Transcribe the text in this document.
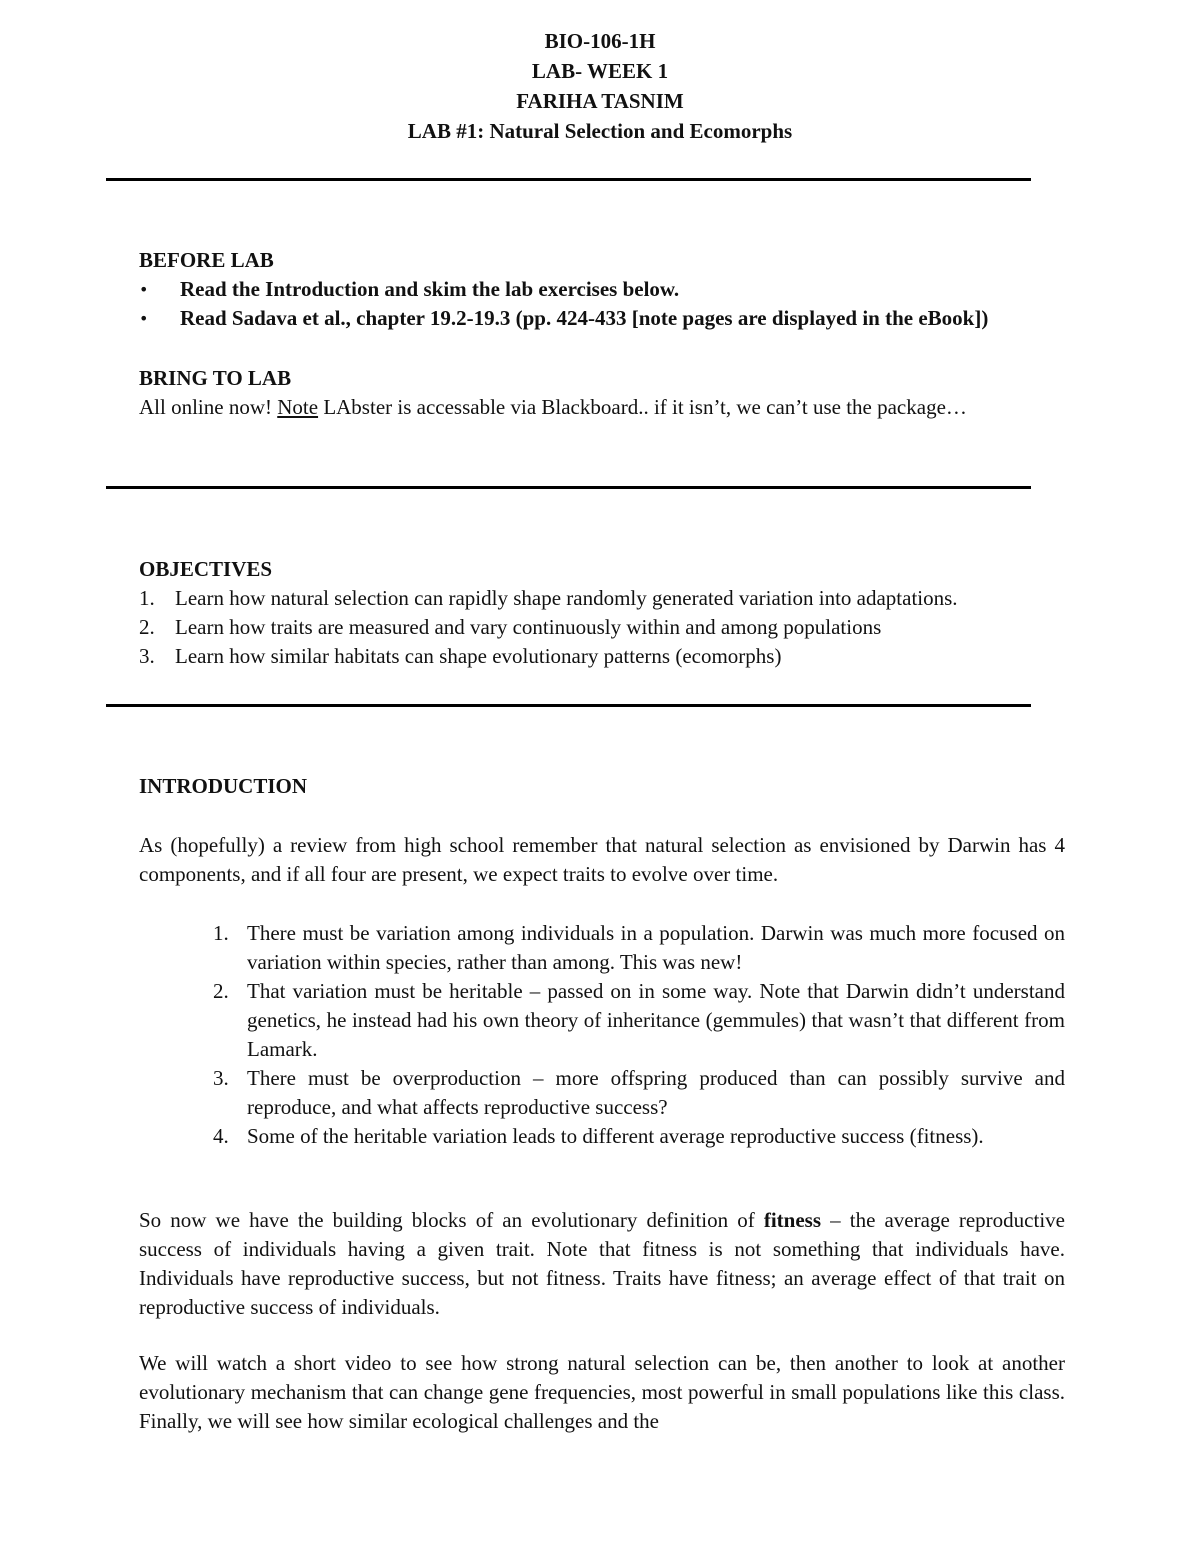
BIO-106-1H
LAB- WEEK 1
FARIHA TASNIM
LAB #1: Natural Selection and Ecomorphs
BEFORE LAB
• Read the Introduction and skim the lab exercises below.
• Read Sadava et al., chapter 19.2-19.3 (pp. 424-433 [note pages are displayed in the eBook])
BRING TO LAB
All online now! Note LAbster is accessable via Blackboard.. if it isn’t, we can’t use the package…
OBJECTIVES
1. Learn how natural selection can rapidly shape randomly generated variation into adaptations.
2. Learn how traits are measured and vary continuously within and among populations
3. Learn how similar habitats can shape evolutionary patterns (ecomorphs)
INTRODUCTION
As (hopefully) a review from high school remember that natural selection as envisioned by Darwin has 4 components, and if all four are present, we expect traits to evolve over time.
1. There must be variation among individuals in a population. Darwin was much more focused on variation within species, rather than among. This was new!
2. That variation must be heritable – passed on in some way. Note that Darwin didn’t understand genetics, he instead had his own theory of inheritance (gemmules) that wasn’t that different from Lamark.
3. There must be overproduction – more offspring produced than can possibly survive and reproduce, and what affects reproductive success?
4. Some of the heritable variation leads to different average reproductive success (fitness).
So now we have the building blocks of an evolutionary definition of fitness – the average reproductive success of individuals having a given trait. Note that fitness is not something that individuals have. Individuals have reproductive success, but not fitness. Traits have fitness; an average effect of that trait on reproductive success of individuals.
We will watch a short video to see how strong natural selection can be, then another to look at another evolutionary mechanism that can change gene frequencies, most powerful in small populations like this class. Finally, we will see how similar ecological challenges and the
